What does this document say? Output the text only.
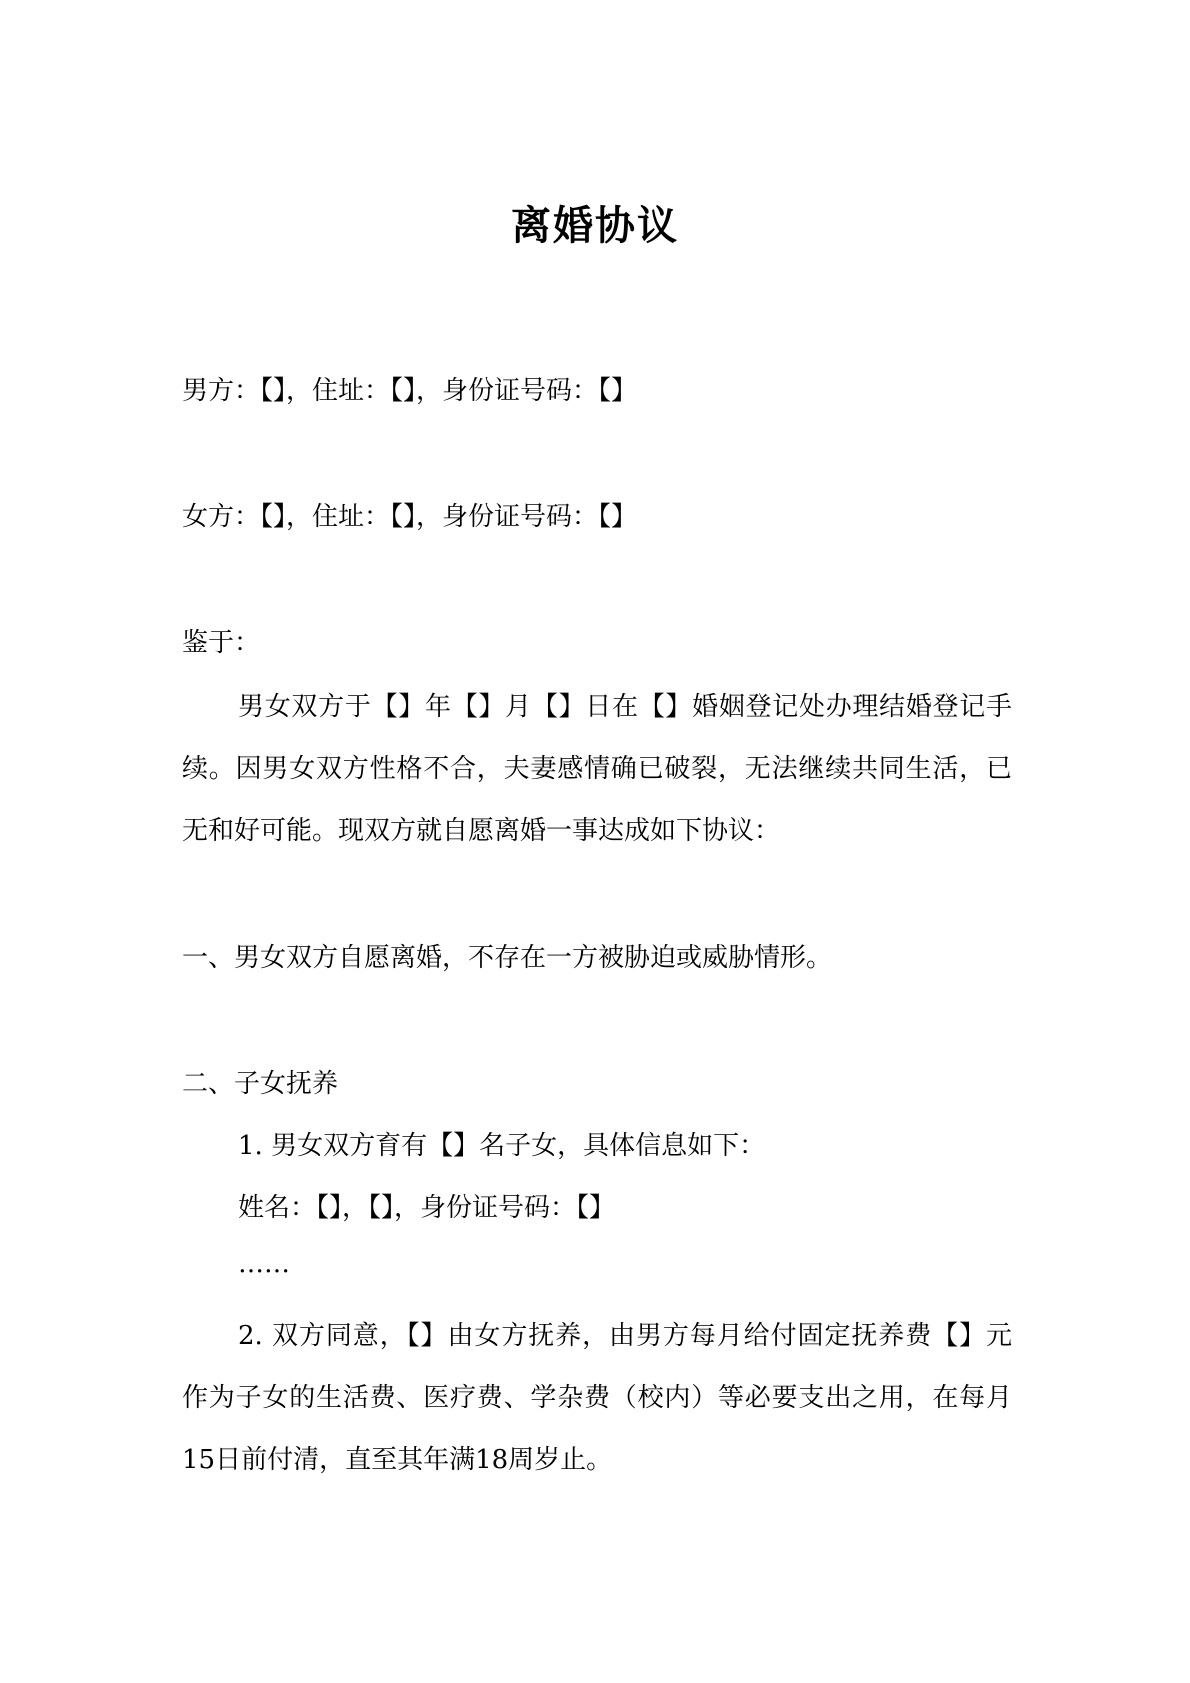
离婚协议
男方：【】，住址：【】，身份证号码：【】
女方：【】，住址：【】，身份证号码：【】
鉴于：
男女双方于【】年【】月【】日在【】婚姻登记处办理结婚登记手续。因男女双方性格不合，夫妻感情确已破裂，无法继续共同生活，已无和好可能。现双方就自愿离婚一事达成如下协议：
一、男女双方自愿离婚，不存在一方被胁迫或威胁情形。
二、子女抚养
1. 男女双方育有【】名子女，具体信息如下：
姓名：【】，【】，身份证号码：【】
……
2. 双方同意，【】由女方抚养，由男方每月给付固定抚养费【】元作为子女的生活费、医疗费、学杂费（校内）等必要支出之用，在每月15日前付清，直至其年满18周岁止。
